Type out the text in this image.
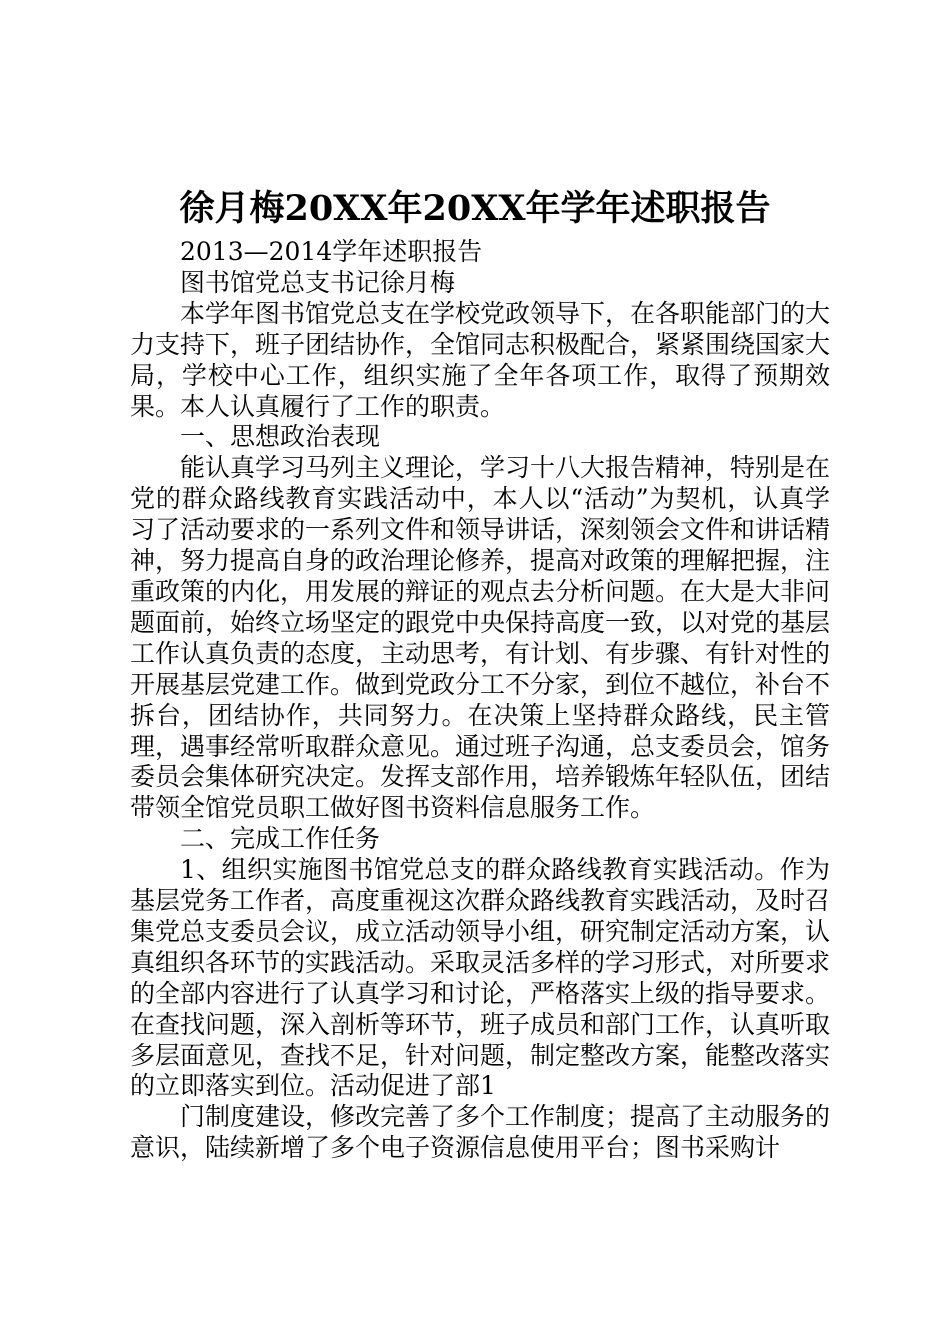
徐月梅20XX年20XX年学年述职报告

2013—2014学年述职报告

图书馆党总支书记徐月梅

本学年图书馆党总支在学校党政领导下，在各职能部门的大力支持下，班子团结协作，全馆同志积极配合，紧紧围绕国家大局，学校中心工作，组织实施了全年各项工作，取得了预期效果。本人认真履行了工作的职责。

一、思想政治表现

能认真学习马列主义理论，学习十八大报告精神，特别是在党的群众路线教育实践活动中，本人以“活动”为契机，认真学习了活动要求的一系列文件和领导讲话，深刻领会文件和讲话精神，努力提高自身的政治理论修养，提高对政策的理解把握，注重政策的内化，用发展的辩证的观点去分析问题。在大是大非问题面前，始终立场坚定的跟党中央保持高度一致，以对党的基层工作认真负责的态度，主动思考，有计划、有步骤、有针对性的开展基层党建工作。做到党政分工不分家，到位不越位，补台不拆台，团结协作，共同努力。在决策上坚持群众路线，民主管理，遇事经常听取群众意见。通过班子沟通，总支委员会，馆务委员会集体研究决定。发挥支部作用，培养锻炼年轻队伍，团结带领全馆党员职工做好图书资料信息服务工作。

二、完成工作任务

1、组织实施图书馆党总支的群众路线教育实践活动。作为基层党务工作者，高度重视这次群众路线教育实践活动，及时召集党总支委员会议，成立活动领导小组，研究制定活动方案，认真组织各环节的实践活动。采取灵活多样的学习形式，对所要求的全部内容进行了认真学习和讨论，严格落实上级的指导要求。在查找问题，深入剖析等环节，班子成员和部门工作，认真听取多层面意见，查找不足，针对问题，制定整改方案，能整改落实的立即落实到位。活动促进了部1

门制度建设，修改完善了多个工作制度；提高了主动服务的意识，陆续新增了多个电子资源信息使用平台；图书采购计
